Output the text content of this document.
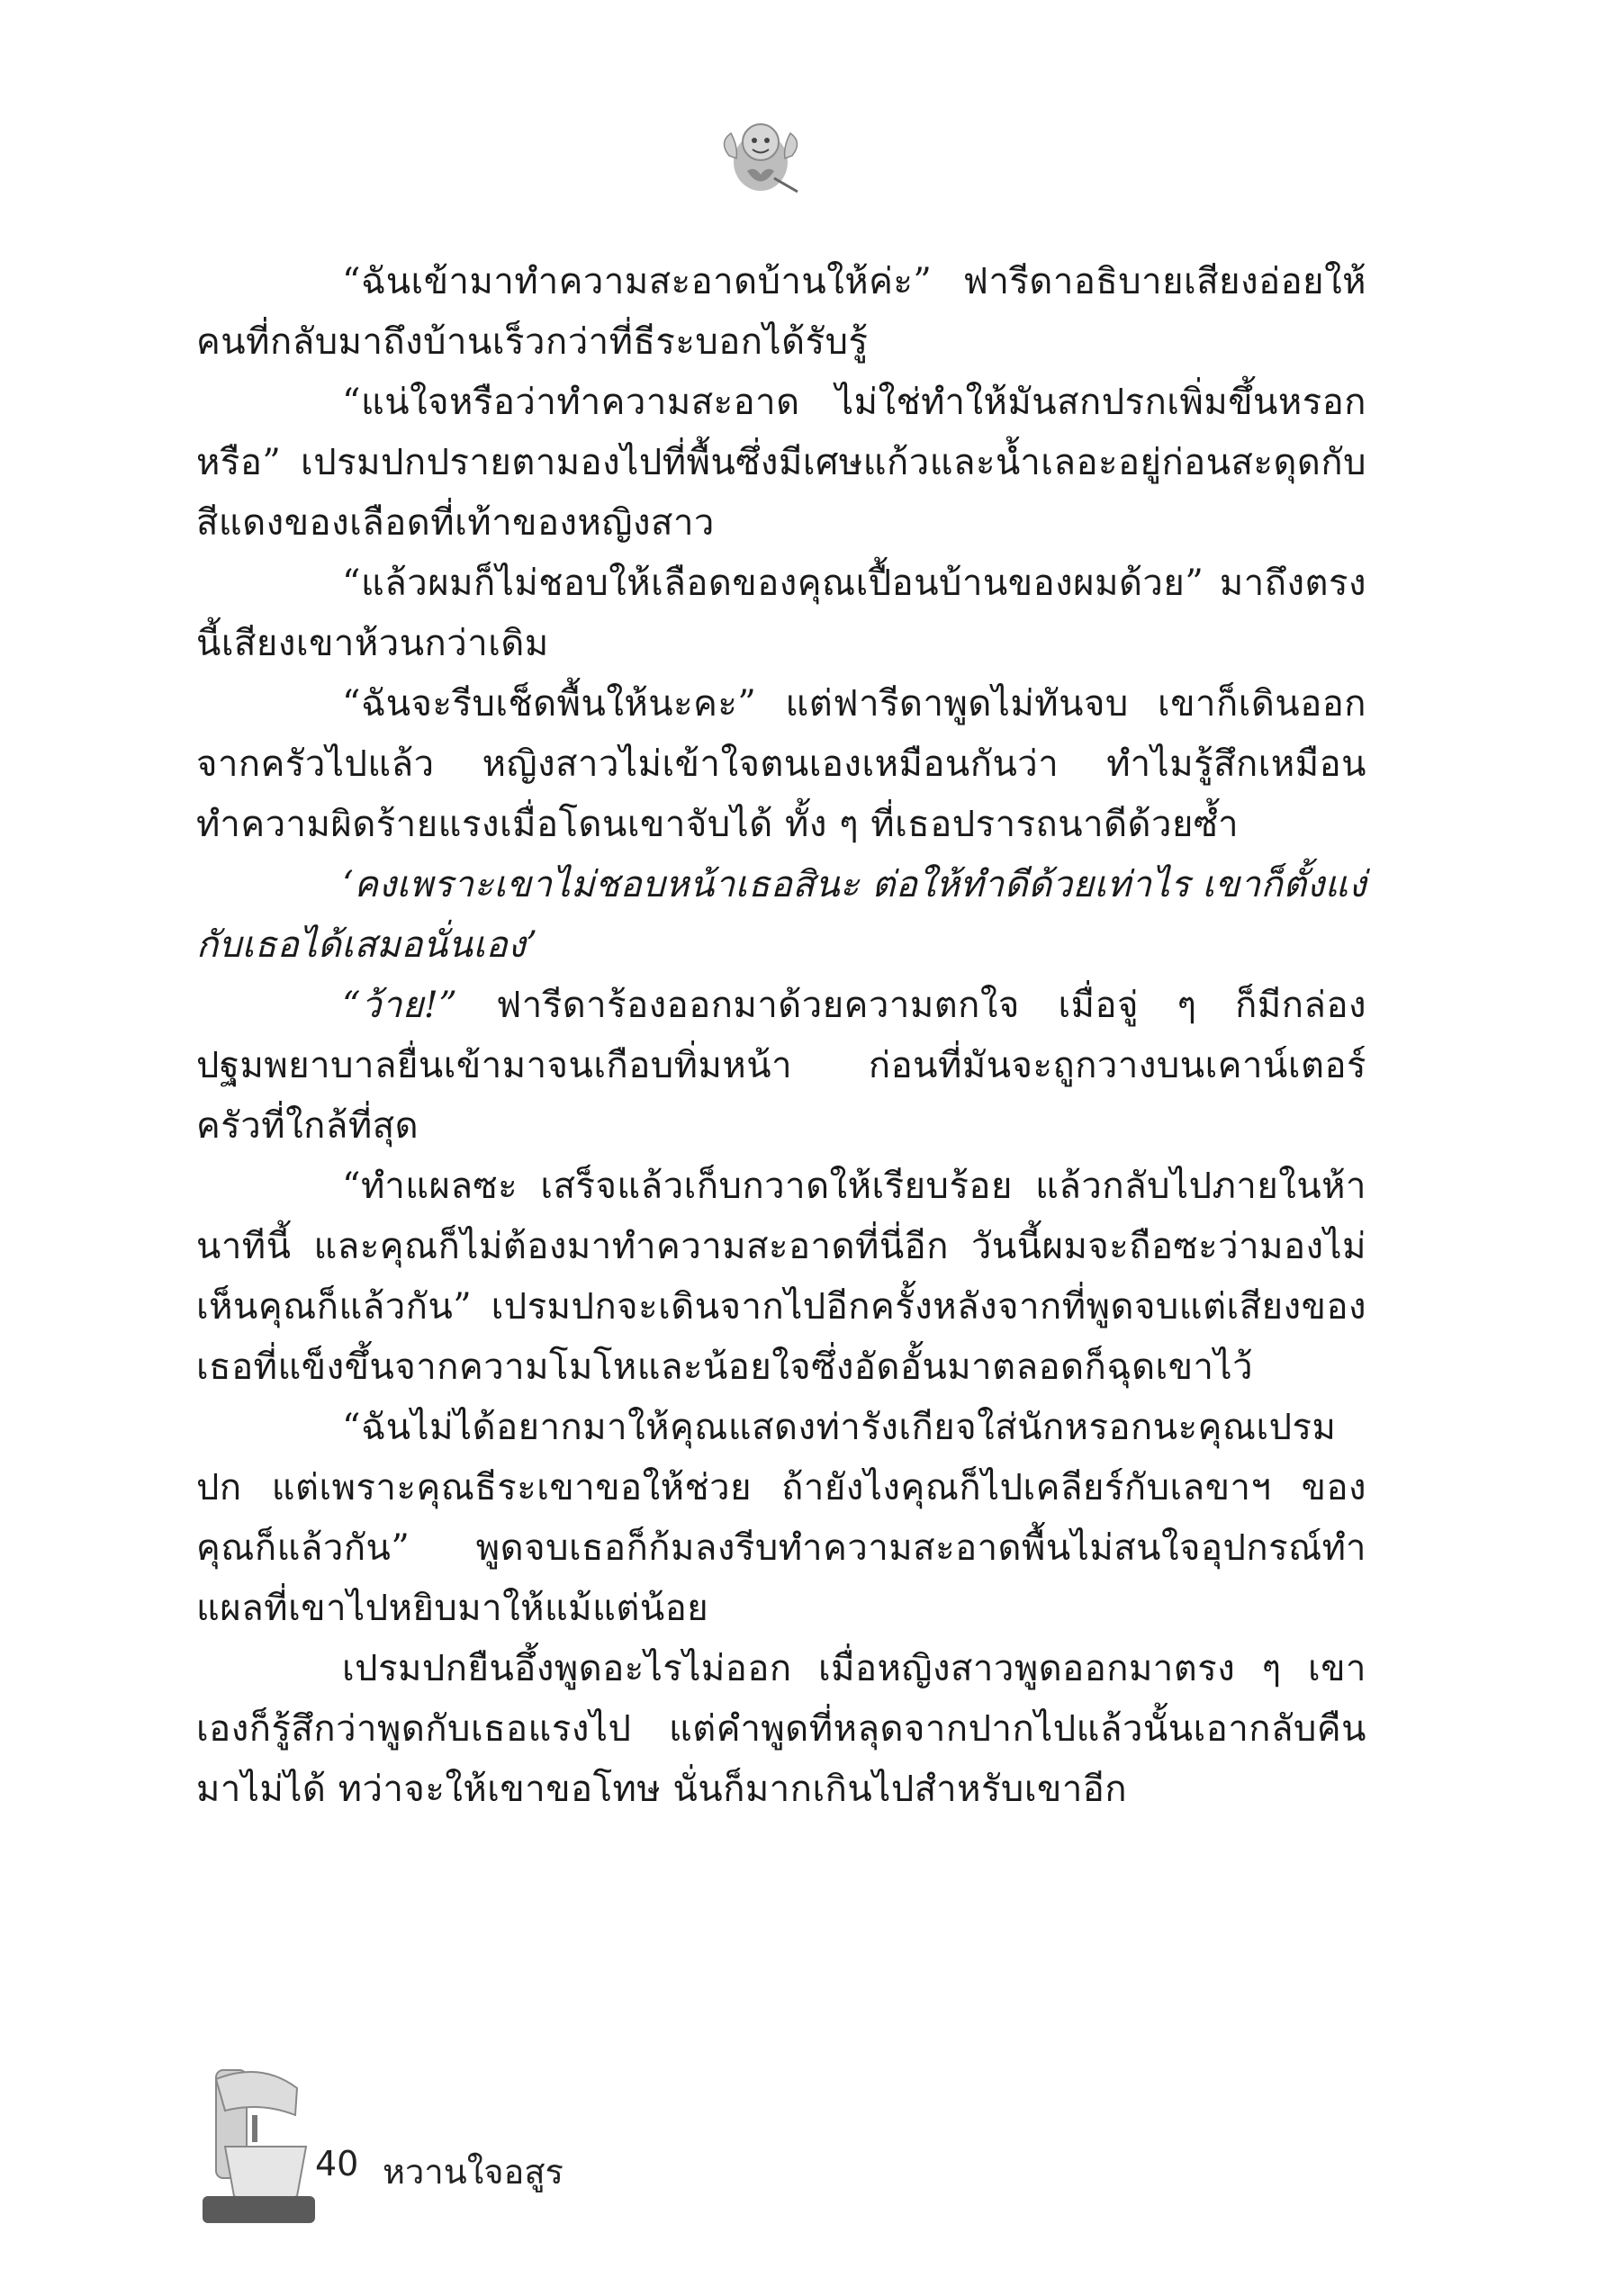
“ฉันเข้ามาทำความสะอาดบ้านให้ค่ะ” ฟารีดาอธิบายเสียงอ่อยให้คนที่กลับมาถึงบ้านเร็วกว่าที่ธีระบอกได้รับรู้

“แน่ใจหรือว่าทำความสะอาด ไม่ใช่ทำให้มันสกปรกเพิ่มขึ้นหรอกหรือ” เปรมปกปรายตามองไปที่พื้นซึ่งมีเศษแก้วและน้ำเลอะอยู่ก่อนสะดุดกับสีแดงของเลือดที่เท้าของหญิงสาว

“แล้วผมก็ไม่ชอบให้เลือดของคุณเปื้อนบ้านของผมด้วย” มาถึงตรงนี้เสียงเขาห้วนกว่าเดิม

“ฉันจะรีบเช็ดพื้นให้นะคะ” แต่ฟารีดาพูดไม่ทันจบ เขาก็เดินออกจากครัวไปแล้ว หญิงสาวไม่เข้าใจตนเองเหมือนกันว่า ทำไมรู้สึกเหมือนทำความผิดร้ายแรงเมื่อโดนเขาจับได้ ทั้ง ๆ ที่เธอปรารถนาดีด้วยซ้ำ

‘คงเพราะเขาไม่ชอบหน้าเธอสินะ ต่อให้ทำดีด้วยเท่าไร เขาก็ตั้งแง่กับเธอได้เสมอนั่นเอง’

“ว้าย!” ฟารีดาร้องออกมาด้วยความตกใจ เมื่อจู่ ๆ ก็มีกล่องปฐมพยาบาลยื่นเข้ามาจนเกือบทิ่มหน้า ก่อนที่มันจะถูกวางบนเคาน์เตอร์ครัวที่ใกล้ที่สุด

“ทำแผลซะ เสร็จแล้วเก็บกวาดให้เรียบร้อย แล้วกลับไปภายในห้านาทีนี้ และคุณก็ไม่ต้องมาทำความสะอาดที่นี่อีก วันนี้ผมจะถือซะว่ามองไม่เห็นคุณก็แล้วกัน” เปรมปกจะเดินจากไปอีกครั้งหลังจากที่พูดจบแต่เสียงของเธอที่แข็งขึ้นจากความโมโหและน้อยใจซึ่งอัดอั้นมาตลอดก็ฉุดเขาไว้

“ฉันไม่ได้อยากมาให้คุณแสดงท่ารังเกียจใส่นักหรอกนะคุณเปรมปก แต่เพราะคุณธีระเขาขอให้ช่วย ถ้ายังไงคุณก็ไปเคลียร์กับเลขาฯ ของคุณก็แล้วกัน” พูดจบเธอก็ก้มลงรีบทำความสะอาดพื้นไม่สนใจอุปกรณ์ทำแผลที่เขาไปหยิบมาให้แม้แต่น้อย

เปรมปกยืนอึ้งพูดอะไรไม่ออก เมื่อหญิงสาวพูดออกมาตรง ๆ เขาเองก็รู้สึกว่าพูดกับเธอแรงไป แต่คำพูดที่หลุดจากปากไปแล้วนั้นเอากลับคืนมาไม่ได้ ทว่าจะให้เขาขอโทษ นั่นก็มากเกินไปสำหรับเขาอีก

40 หวานใจอสูร
